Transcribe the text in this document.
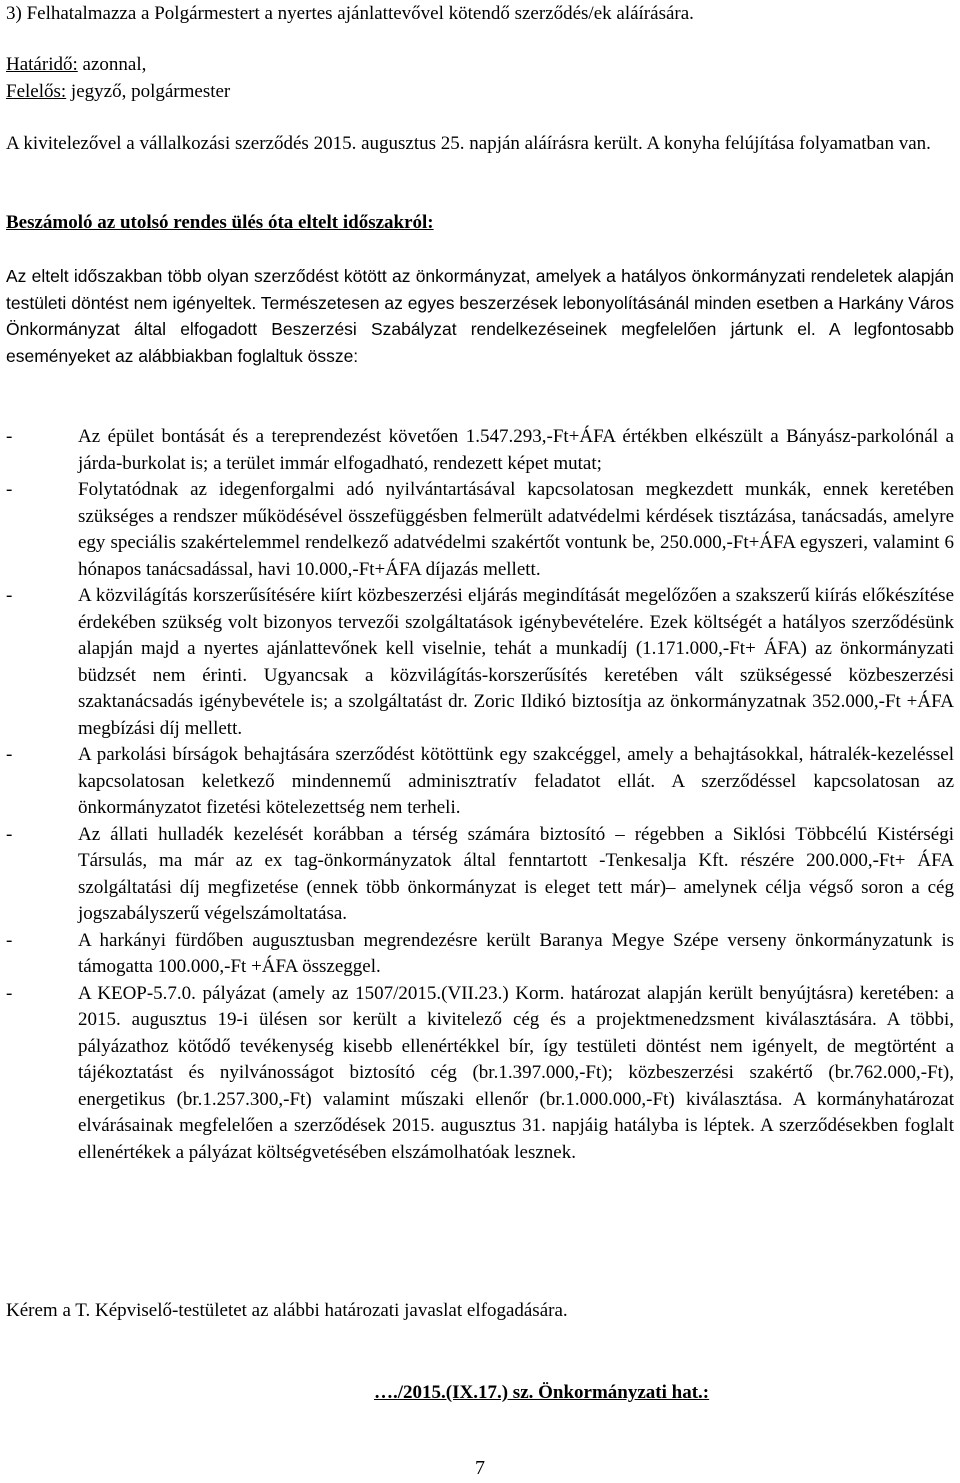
3) Felhatalmazza a Polgármestert a nyertes ajánlattevővel kötendő szerződés/ek aláírására.

Határidő: azonnal,

Felelős: jegyző, polgármester

A kivitelezővel a vállalkozási szerződés 2015. augusztus 25. napján aláírásra került. A konyha felújítása folyamatban van.

Beszámoló az utolsó rendes ülés óta eltelt időszakról:

Az eltelt időszakban több olyan szerződést kötött az önkormányzat, amelyek a hatályos önkormányzati rendeletek alapján testületi döntést nem igényeltek. Természetesen az egyes beszerzések lebonyolításánál minden esetben a Harkány Város Önkormányzat által elfogadott Beszerzési Szabályzat rendelkezéseinek megfelelően jártunk el. A legfontosabb eseményeket az alábbiakban foglaltuk össze:

-	Az épület bontását és a tereprendezést követően 1.547.293,-Ft+ÁFA értékben elkészült a Bányász-parkolónál a járda-burkolat is; a terület immár elfogadható, rendezett képet mutat;
-	Folytatódnak az idegenforgalmi adó nyilvántartásával kapcsolatosan megkezdett munkák, ennek keretében szükséges a rendszer működésével összefüggésben felmerült adatvédelmi kérdések tisztázása, tanácsadás, amelyre egy speciális szakértelemmel rendelkező adatvédelmi szakértőt vontunk be, 250.000,-Ft+ÁFA egyszeri, valamint 6 hónapos tanácsadással, havi 10.000,-Ft+ÁFA díjazás mellett.
-	A közvilágítás korszerűsítésére kiírt közbeszerzési eljárás megindítását megelőzően a szakszerű kiírás előkészítése érdekében szükség volt bizonyos tervezői szolgáltatások igénybevételére. Ezek költségét a hatályos szerződésünk alapján majd a nyertes ajánlattevőnek kell viselnie, tehát a munkadíj (1.171.000,-Ft+ ÁFA) az önkormányzati büdzsét nem érinti. Ugyancsak a közvilágítás-korszerűsítés keretében vált szükségessé közbeszerzési szaktanácsadás igénybevétele is; a szolgáltatást dr. Zoric Ildikó biztosítja az önkormányzatnak 352.000,-Ft +ÁFA megbízási díj mellett.
-	A parkolási bírságok behajtására szerződést kötöttünk egy szakcéggel, amely a behajtásokkal, hátralék-kezeléssel kapcsolatosan keletkező mindennemű adminisztratív feladatot ellát. A szerződéssel kapcsolatosan az önkormányzatot fizetési kötelezettség nem terheli.
-	Az állati hulladék kezelését korábban a térség számára biztosító – régebben a Siklósi Többcélú Kistérségi Társulás, ma már az ex tag-önkormányzatok által fenntartott -Tenkesalja Kft. részére 200.000,-Ft+ ÁFA szolgáltatási díj megfizetése (ennek több önkormányzat is eleget tett már)– amelynek célja végső soron a cég jogszabályszerű végelszámoltatása.
-	A harkányi fürdőben augusztusban megrendezésre került Baranya Megye Szépe verseny önkormányzatunk is támogatta 100.000,-Ft +ÁFA összeggel.
-	A KEOP-5.7.0. pályázat (amely az 1507/2015.(VII.23.) Korm. határozat alapján került benyújtásra) keretében: a 2015. augusztus 19-i ülésen sor került a kivitelező cég és a projektmenedzsment kiválasztására. A többi, pályázathoz kötődő tevékenység kisebb ellenértékkel bír, így testületi döntést nem igényelt, de megtörtént a tájékoztatást és nyilvánosságot biztosító cég (br.1.397.000,-Ft); közbeszerzési szakértő (br.762.000,-Ft), energetikus (br.1.257.300,-Ft) valamint műszaki ellenőr (br.1.000.000,-Ft) kiválasztása. A kormányhatározat elvárásainak megfelelően a szerződések 2015. augusztus 31. napjáig hatályba is léptek. A szerződésekben foglalt ellenértékek a pályázat költségvetésében elszámolhatóak lesznek.

Kérem a T. Képviselő-testületet az alábbi határozati javaslat elfogadására.

…./2015.(IX.17.) sz. Önkormányzati hat.:

7
